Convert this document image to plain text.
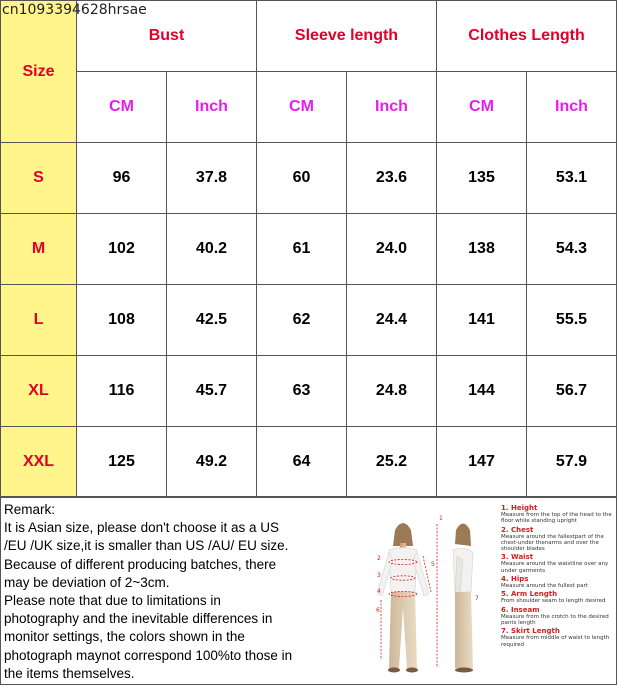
cn1093394628hrsae
Size	Bust		Sleeve length		Clothes Length	
	CM	Inch	CM	Inch	CM	Inch
S	96	37.8	60	23.6	135	53.1
M	102	40.2	61	24.0	138	54.3
L	108	42.5	62	24.4	141	55.5
XL	116	45.7	63	24.8	144	56.7
XXL	125	49.2	64	25.2	147	57.9
Remark:

It is Asian size, please don't choose it as a US

/EU /UK size,it is smaller than US /AU/ EU size.

Because of different producing batches, there

may be deviation of 2~3cm.

Please note that due to limitations in

photography and the inevitable differences in

monitor settings, the colors shown in the

photograph maynot correspond 100%to those in

the items themselves.

1
2
3
4
5
6
7
1. Height
Measure from the top of the head to the floor while standing upright
2. Chest
Measure around the fallestpart of the chest-under thenarms and over the shoulder blades
3. Waist
Measure around the waistline over any under garments
4. Hips
Measure around the fullest part
5. Arm Length
From shoulder seam to length desired
6. Inseam
Measure from the crotch to the desired pants length
7. Skirt Length
Measure from middle of waist to length required
